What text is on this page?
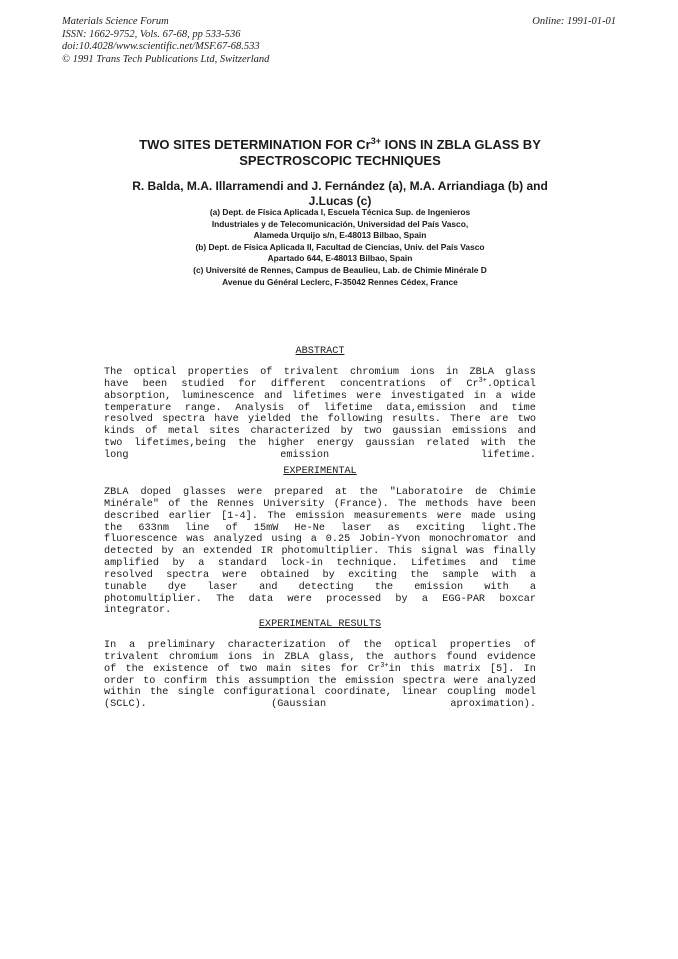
Materials Science Forum	Online: 1991-01-01
ISSN: 1662-9752, Vols. 67-68, pp 533-536
doi:10.4028/www.scientific.net/MSF.67-68.533
© 1991 Trans Tech Publications Ltd, Switzerland
TWO SITES DETERMINATION FOR $Cr^{3+}$ IONS IN ZBLA GLASS BY
SPECTROSCOPIC TECHNIQUES
R. Balda, M.A. Illarramendi and J. Fernández (a), M.A. Arriandiaga (b) and
J.Lucas (c)
(a) Dept. de Física Aplicada I, Escuela Técnica Sup. de Ingenieros
Industriales y de Telecomunicación, Universidad del País Vasco,
Alameda Urquijo s/n, E-48013 Bilbao, Spain
(b) Dept. de Física Aplicada II, Facultad de Ciencias, Univ. del País Vasco
Apartado 644, E-48013 Bilbao, Spain
(c) Université de Rennes, Campus de Beaulieu, Lab. de Chimie Minérale D
Avenue du Général Leclerc, F-35042 Rennes Cédex, France
ABSTRACT
The optical properties of trivalent chromium ions in ZBLA glass
have been studied for different concentrations of $Cr^{3+}.Optical$
absorption, luminescence and lifetimes were investigated in a wide
temperature range. Analysis of lifetime data,emission and time
resolved spectra have yielded the following results. There are two
kinds of metal sites characterized by two gaussian emissions and
two lifetimes,being the higher energy gaussian related with the
long emission lifetime.
EXPERIMENTAL
ZBLA doped glasses were prepared at the "Laboratoire de Chimie
Minérale" of the Rennes University (France). The methods have been
described earlier [1-4]. The emission measurements were made using
the 633nm line of 15mW He-Ne laser as exciting light.The
fluorescence was analyzed using a 0.25 Jobin-Yvon monochromator and
detected by an extended IR photomultiplier. This signal was finally
amplified by a standard lock-in technique. Lifetimes and time
resolved spectra were obtained by exciting the sample with a
tunable dye laser and detecting the emission with a
photomultiplier. The data were processed by a EGG-PAR boxcar
integrator.
EXPERIMENTAL RESULTS
In a preliminary characterization of the optical properties of
trivalent chromium ions in ZBLA glass, the authors found evidence
of the existence of two main sites for $Cr^{3+}in$ this matrix [5]. In
order to confirm this assumption the emission spectra were analyzed
within the single configurational coordinate, linear coupling model
(SCLC). (Gaussian aproximation).
